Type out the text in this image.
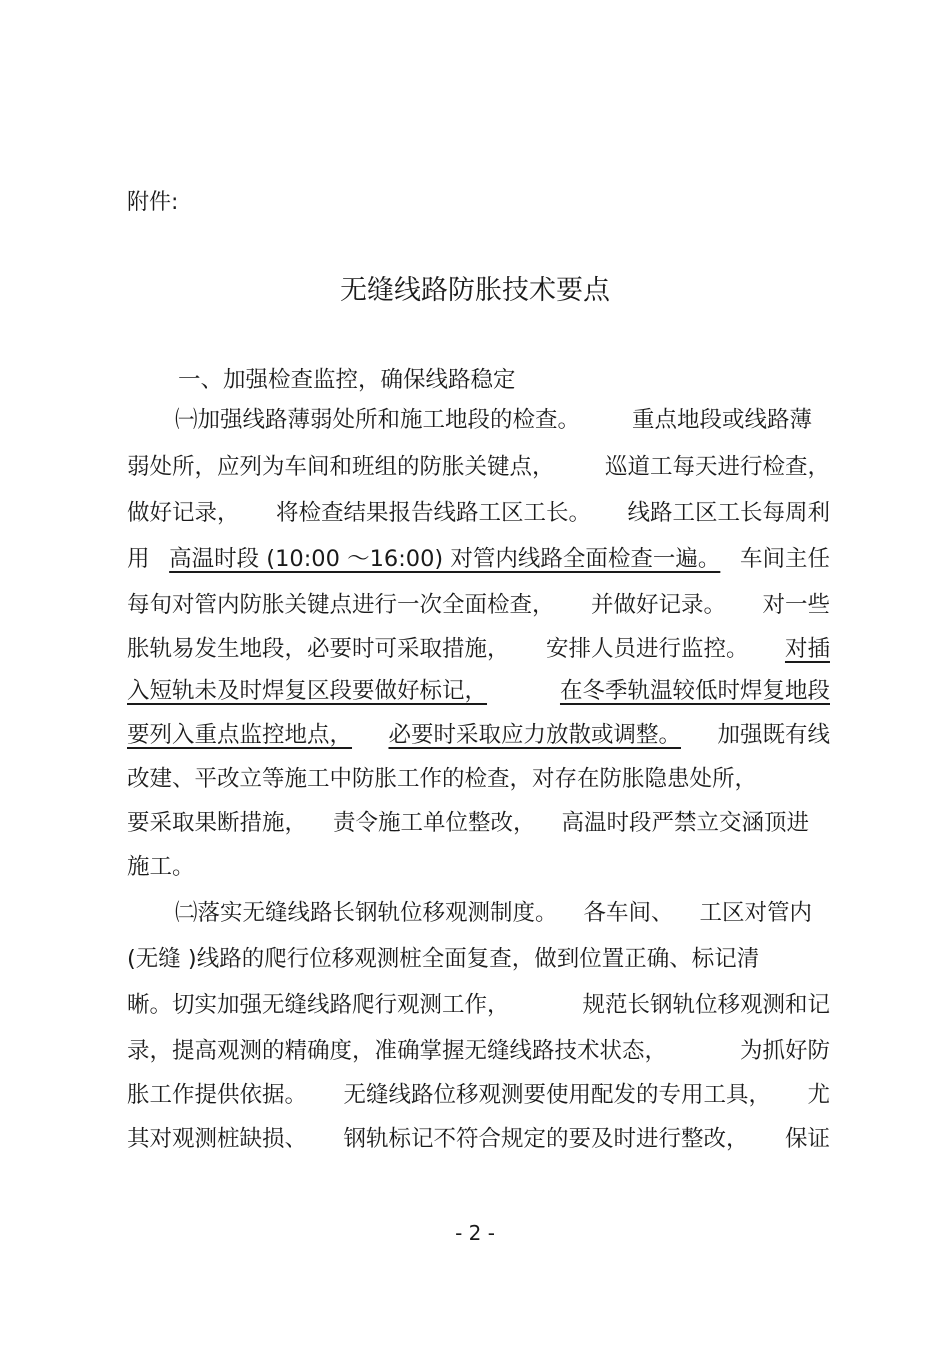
附件:
无缝线路防胀技术要点
一、加强检查监控，确保线路稳定
㈠加强线路薄弱处所和施工地段的检查。 重点地段或线路薄
弱处所，应列为车间和班组的防胀关键点， 巡道工每天进行检查，
做好记录， 将检查结果报告线路工区工长。 线路工区工长每周利
用 高温时段 (10:00 ～16:00) 对管内线路全面检查一遍。 车间主任
每旬对管内防胀关键点进行一次全面检查， 并做好记录。 对一些
胀轨易发生地段，必要时可采取措施， 安排人员进行监控。 对插
入短轨未及时焊复区段要做好标记，	在冬季轨温较低时焊复地段
要列入重点监控地点， 必要时采取应力放散或调整。 加强既有线
改建、平改立等施工中防胀工作的检查，对存在防胀隐患处所，
要采取果断措施， 责令施工单位整改， 高温时段严禁立交涵顶进
施工。
㈡落实无缝线路长钢轨位移观测制度。 各车间、 工区对管内
(无缝 )线路的爬行位移观测桩全面复查，做到位置正确、标记清
晰。切实加强无缝线路爬行观测工作，	规范长钢轨位移观测和记
录，提高观测的精确度，准确掌握无缝线路技术状态，	为抓好防
胀工作提供依据。 无缝线路位移观测要使用配发的专用工具， 尤
其对观测桩缺损、 钢轨标记不符合规定的要及时进行整改， 保证
- 2 -
